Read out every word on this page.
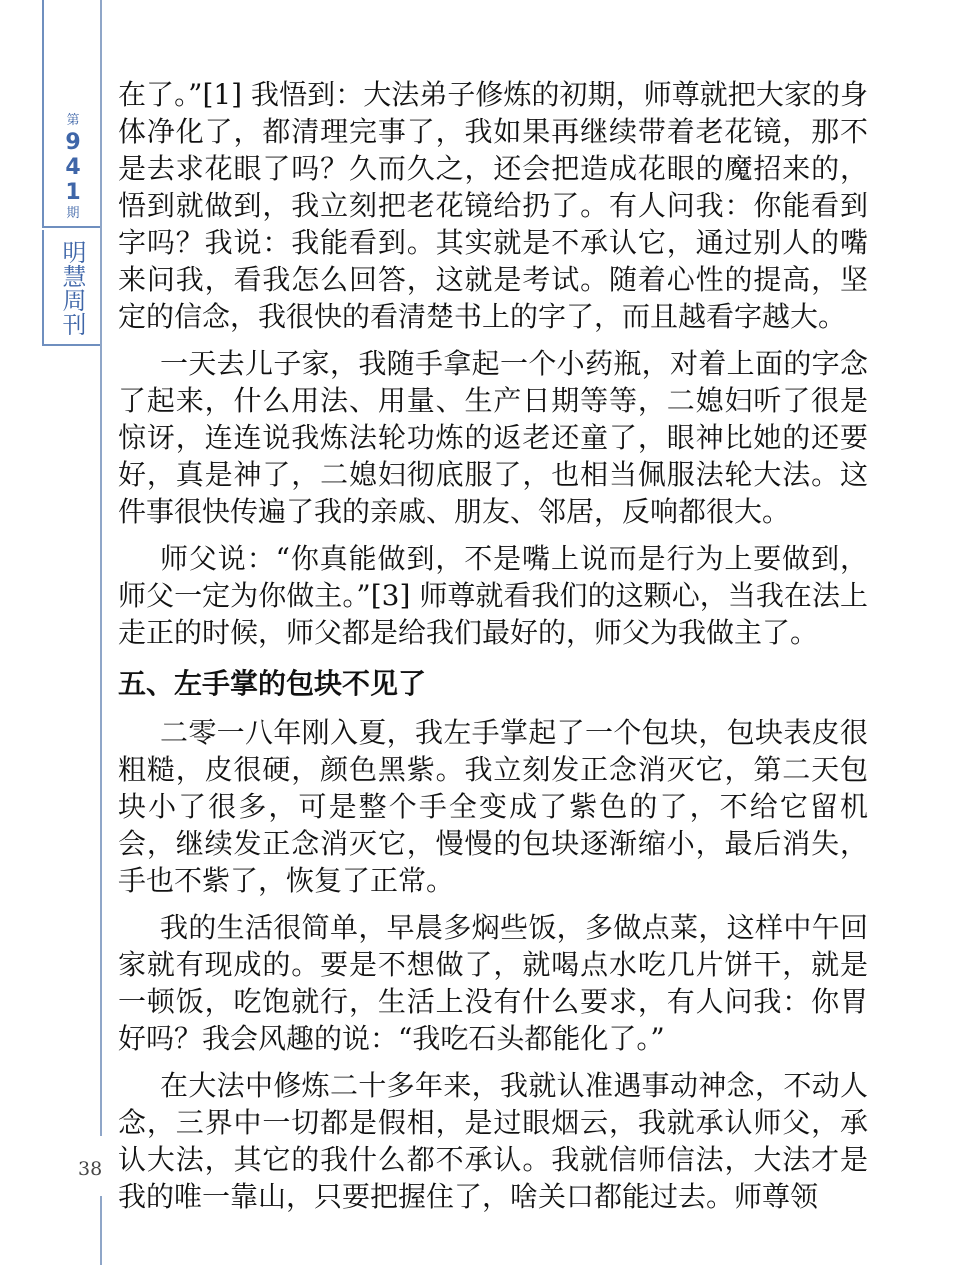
第
9
4
1
期
明慧周刊
38

在了。”[1] 我悟到：大法弟子修炼的初期，师尊就把大家的身体净化了，都清理完事了，我如果再继续带着老花镜，那不是去求花眼了吗？久而久之，还会把造成花眼的魔招来的，悟到就做到，我立刻把老花镜给扔了。有人问我：你能看到字吗？我说：我能看到。其实就是不承认它，通过别人的嘴来问我，看我怎么回答，这就是考试。随着心性的提高，坚定的信念，我很快的看清楚书上的字了，而且越看字越大。

一天去儿子家，我随手拿起一个小药瓶，对着上面的字念了起来，什么用法、用量、生产日期等等，二媳妇听了很是惊讶，连连说我炼法轮功炼的返老还童了，眼神比她的还要好，真是神了，二媳妇彻底服了，也相当佩服法轮大法。这件事很快传遍了我的亲戚、朋友、邻居，反响都很大。

师父说：“你真能做到，不是嘴上说而是行为上要做到，师父一定为你做主。”[3] 师尊就看我们的这颗心，当我在法上走正的时候，师父都是给我们最好的，师父为我做主了。

五、左手掌的包块不见了

二零一八年刚入夏，我左手掌起了一个包块，包块表皮很粗糙，皮很硬，颜色黑紫。我立刻发正念消灭它，第二天包块小了很多，可是整个手全变成了紫色的了，不给它留机会，继续发正念消灭它，慢慢的包块逐渐缩小，最后消失，手也不紫了，恢复了正常。

我的生活很简单，早晨多焖些饭，多做点菜，这样中午回家就有现成的。要是不想做了，就喝点水吃几片饼干，就是一顿饭，吃饱就行，生活上没有什么要求，有人问我：你胃好吗？我会风趣的说：“我吃石头都能化了。”

在大法中修炼二十多年来，我就认准遇事动神念，不动人念，三界中一切都是假相，是过眼烟云，我就承认师父，承认大法，其它的我什么都不承认。我就信师信法，大法才是我的唯一靠山，只要把握住了，啥关口都能过去。师尊领
